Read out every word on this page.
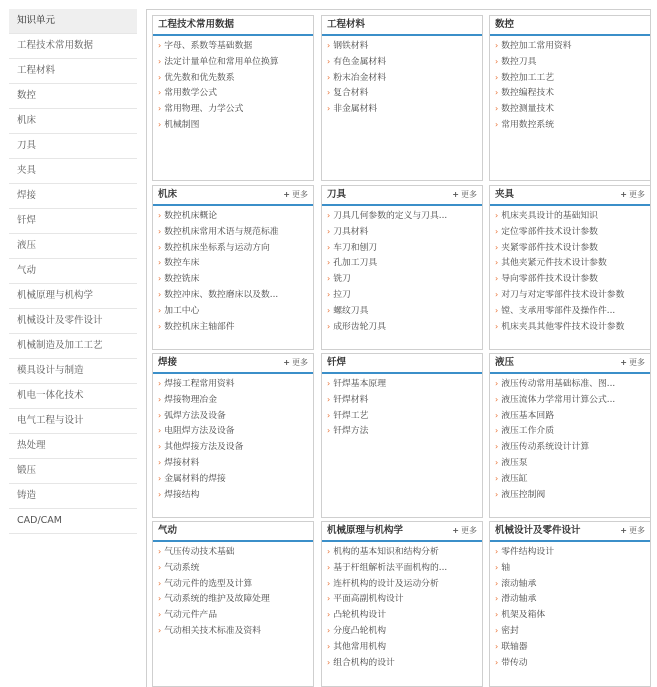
知识单元
工程技术常用数据
工程材料
数控
机床
刀具
夹具
焊接
钎焊
液压
气动
机械原理与机构学
机械设计及零件设计
机械制造及加工工艺
模具设计与制造
机电一体化技术
电气工程与设计
热处理
锻压
铸造
CAD/CAM
工程技术常用数据
› 字母、系数等基础数据
› 法定计量单位和常用单位换算
› 优先数和优先数系
› 常用数学公式
› 常用物理、力学公式
› 机械制图
工程材料
› 钢铁材料
› 有色金属材料
› 粉末冶金材料
› 复合材料
› 非金属材料
数控
› 数控加工常用资料
› 数控刀具
› 数控加工工艺
› 数控编程技术
› 数控测量技术
› 常用数控系统
机床	+ 更多
› 数控机床概论
› 数控机床常用术语与规范标准
› 数控机床坐标系与运动方向
› 数控车床
› 数控铣床
› 数控冲床、数控磨床以及数...
› 加工中心
› 数控机床主轴部件
刀具	+ 更多
› 刀具几何参数的定义与刀具...
› 刀具材料
› 车刀和刨刀
› 孔加工刀具
› 铣刀
› 拉刀
› 螺纹刀具
› 成形齿轮刀具
夹具	+ 更多
› 机床夹具设计的基础知识
› 定位零部件技术设计参数
› 夹紧零部件技术设计参数
› 其他夹紧元件技术设计参数
› 导向零部件技术设计参数
› 对刀与对定零部件技术设计参数
› 镗、支承用零部件及操作件...
› 机床夹具其他零件技术设计参数
焊接	+ 更多
› 焊接工程常用资料
› 焊接物理冶金
› 弧焊方法及设备
› 电阻焊方法及设备
› 其他焊接方法及设备
› 焊接材料
› 金属材料的焊接
› 焊接结构
钎焊
› 钎焊基本原理
› 钎焊材料
› 钎焊工艺
› 钎焊方法
液压	+ 更多
› 液压传动常用基础标准、图...
› 液压流体力学常用计算公式...
› 液压基本回路
› 液压工作介质
› 液压传动系统设计计算
› 液压泵
› 液压缸
› 液压控制阀
气动
› 气压传动技术基础
› 气动系统
› 气动元件的选型及计算
› 气动系统的维护及故障处理
› 气动元件产品
› 气动相关技术标准及资料
机械原理与机构学	+ 更多
› 机构的基本知识和结构分析
› 基于杆组解析法平面机构的...
› 连杆机构的设计及运动分析
› 平面高副机构设计
› 凸轮机构设计
› 分度凸轮机构
› 其他常用机构
› 组合机构的设计
机械设计及零件设计	+ 更多
› 零件结构设计
› 轴
› 滚动轴承
› 滑动轴承
› 机架及箱体
› 密封
› 联轴器
› 带传动
